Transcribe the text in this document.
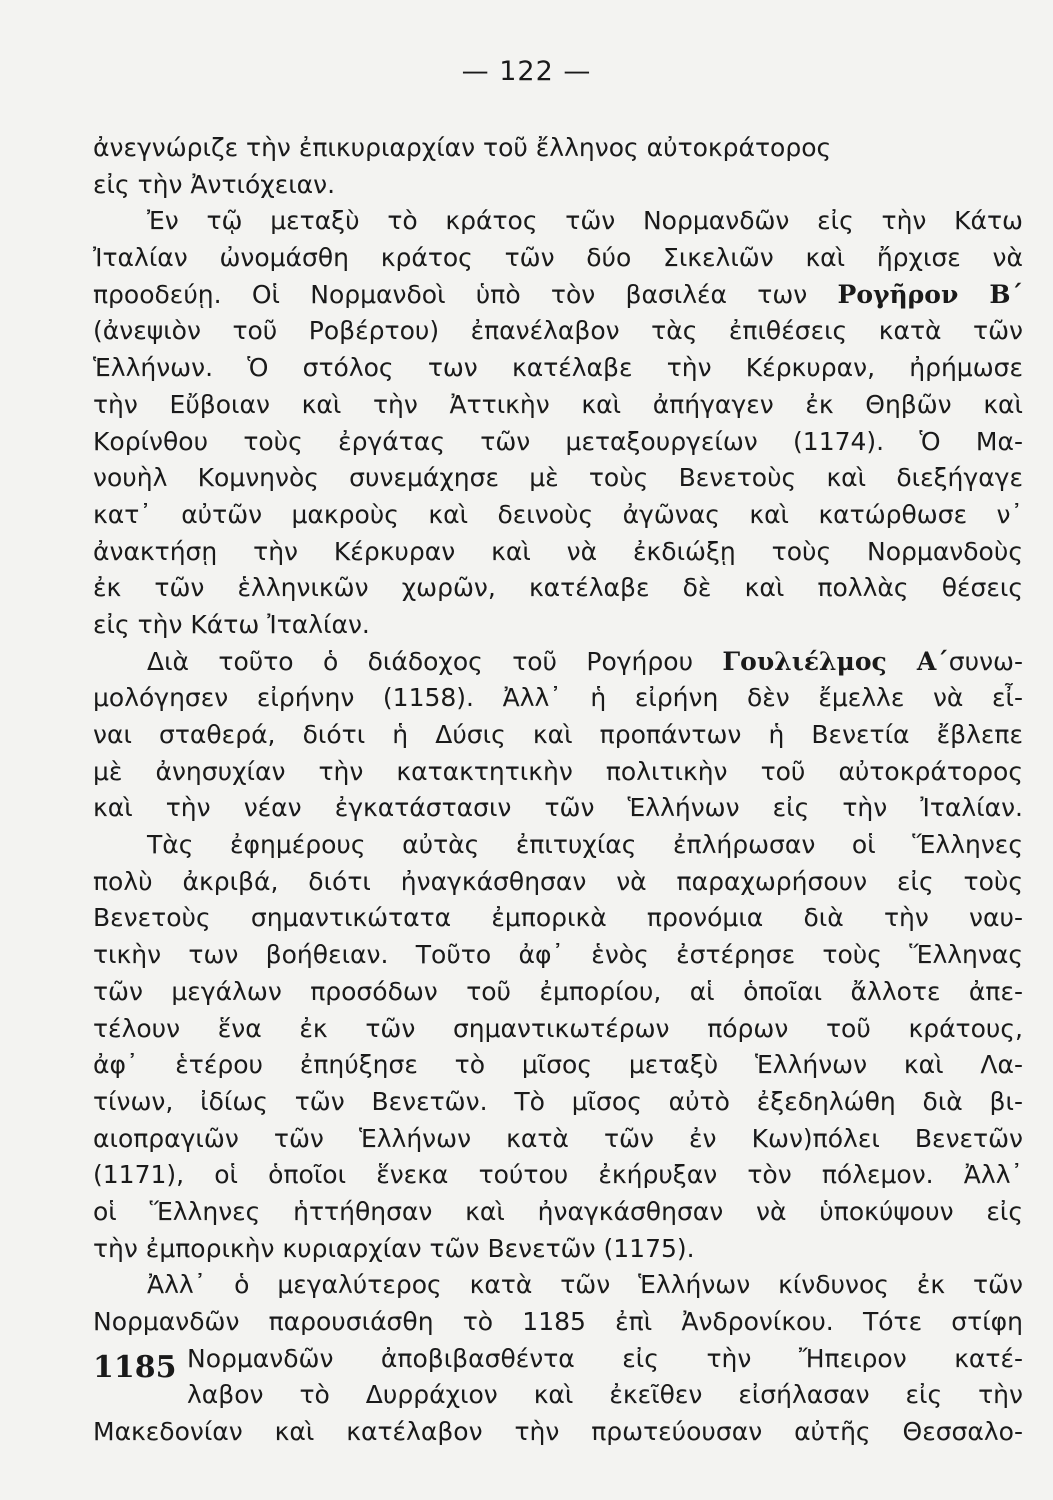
— 122 —
ἀνεγνώριζε τὴν ἐπικυριαρχίαν τοῦ ἔλληνος αὐτοκράτορος
εἰς τὴν Ἀντιόχειαν.
Ἐν τῷ μεταξὺ τὸ κράτος τῶν Νορμανδῶν εἰς τὴν Κάτω
Ἰταλίαν ὠνομάσθη κράτος τῶν δύο Σικελιῶν καὶ ἤρχισε νὰ
προοδεύῃ. Οἱ Νορμανδοὶ ὑπὸ τὸν βασιλέα των Ρογῆρον Β΄
(ἀνεψιὸν τοῦ Ροβέρτου) ἐπανέλαβον τὰς ἐπιθέσεις κατὰ τῶν
Ἑλλήνων. Ὁ στόλος των κατέλαβε τὴν Κέρκυραν, ἠρήμωσε
τὴν Εὔβοιαν καὶ τὴν Ἀττικὴν καὶ ἀπήγαγεν ἐκ Θηβῶν καὶ
Κορίνθου τοὺς ἐργάτας τῶν μεταξουργείων (1174). Ὁ Μα-
νουὴλ Κομνηνὸς συνεμάχησε μὲ τοὺς Βενετοὺς καὶ διεξήγαγε
κατ᾽ αὐτῶν μακροὺς καὶ δεινοὺς ἀγῶνας καὶ κατώρθωσε ν᾽
ἀνακτήσῃ τὴν Κέρκυραν καὶ νὰ ἐκδιώξῃ τοὺς Νορμανδοὺς
ἐκ τῶν ἑλληνικῶν χωρῶν, κατέλαβε δὲ καὶ πολλὰς θέσεις
εἰς τὴν Κάτω Ἰταλίαν.
Διὰ τοῦτο ὁ διάδοχος τοῦ Ρογήρου Γουλιέλμος Α΄συνω-
μολόγησεν εἰρήνην (1158). Ἀλλ᾽ ἡ εἰρήνη δὲν ἔμελλε νὰ εἶ-
ναι σταθερά, διότι ἡ Δύσις καὶ προπάντων ἡ Βενετία ἔβλεπε
μὲ ἀνησυχίαν τὴν κατακτητικὴν πολιτικὴν τοῦ αὐτοκράτορος
καὶ τὴν νέαν ἐγκατάστασιν τῶν Ἑλλήνων εἰς τὴν Ἰταλίαν.
Τὰς ἐφημέρους αὐτὰς ἐπιτυχίας ἐπλήρωσαν οἱ Ἕλληνες
πολὺ ἀκριβά, διότι ἠναγκάσθησαν νὰ παραχωρήσουν εἰς τοὺς
Βενετοὺς σημαντικώτατα ἐμπορικὰ προνόμια διὰ τὴν ναυ-
τικὴν των βοήθειαν. Τοῦτο ἀφ᾽ ἑνὸς ἐστέρησε τοὺς Ἕλληνας
τῶν μεγάλων προσόδων τοῦ ἐμπορίου, αἱ ὁποῖαι ἄλλοτε ἀπε-
τέλουν ἕνα ἐκ τῶν σημαντικωτέρων πόρων τοῦ κράτους,
ἀφ᾽ ἑτέρου ἐπηύξησε τὸ μῖσος μεταξὺ Ἑλλήνων καὶ Λα-
τίνων, ἰδίως τῶν Βενετῶν. Τὸ μῖσος αὐτὸ ἐξεδηλώθη διὰ βι-
αιοπραγιῶν τῶν Ἑλλήνων κατὰ τῶν ἐν Κων)πόλει Βενετῶν
(1171), οἱ ὁποῖοι ἕνεκα τούτου ἐκήρυξαν τὸν πόλεμον. Ἀλλ᾽
οἱ Ἕλληνες ἡττήθησαν καὶ ἠναγκάσθησαν νὰ ὑποκύψουν εἰς
τὴν ἐμπορικὴν κυριαρχίαν τῶν Βενετῶν (1175).
Ἀλλ᾽ ὁ μεγαλύτερος κατὰ τῶν Ἑλλήνων κίνδυνος ἐκ τῶν
Νορμανδῶν παρουσιάσθη τὸ 1185 ἐπὶ Ἀνδρονίκου. Τότε στίφη
Νορμανδῶν ἀποβιβασθέντα εἰς τὴν Ἤπειρον κατέ-
λαβον τὸ Δυρράχιον καὶ ἐκεῖθεν εἰσήλασαν εἰς τὴν
Μακεδονίαν καὶ κατέλαβον τὴν πρωτεύουσαν αὐτῆς Θεσσαλο-
1185
